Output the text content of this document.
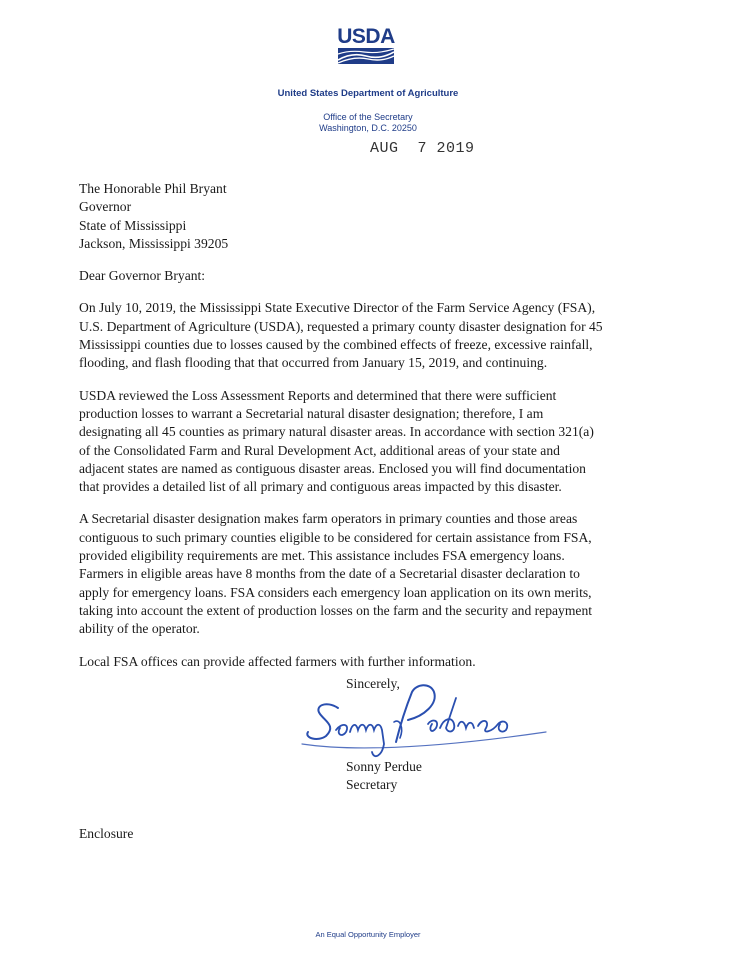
USDA
United States Department of Agriculture
Office of the Secretary
Washington, D.C. 20250
AUG  7 2019
The Honorable Phil Bryant
Governor
State of Mississippi
Jackson, Mississippi 39205
Dear Governor Bryant:
On July 10, 2019, the Mississippi State Executive Director of the Farm Service Agency (FSA),
U.S. Department of Agriculture (USDA), requested a primary county disaster designation for 45
Mississippi counties due to losses caused by the combined effects of freeze, excessive rainfall,
flooding, and flash flooding that that occurred from January 15, 2019, and continuing.
USDA reviewed the Loss Assessment Reports and determined that there were sufficient
production losses to warrant a Secretarial natural disaster designation; therefore, I am
designating all 45 counties as primary natural disaster areas. In accordance with section 321(a)
of the Consolidated Farm and Rural Development Act, additional areas of your state and
adjacent states are named as contiguous disaster areas. Enclosed you will find documentation
that provides a detailed list of all primary and contiguous areas impacted by this disaster.
A Secretarial disaster designation makes farm operators in primary counties and those areas
contiguous to such primary counties eligible to be considered for certain assistance from FSA,
provided eligibility requirements are met. This assistance includes FSA emergency loans.
Farmers in eligible areas have 8 months from the date of a Secretarial disaster declaration to
apply for emergency loans. FSA considers each emergency loan application on its own merits,
taking into account the extent of production losses on the farm and the security and repayment
ability of the operator.
Local FSA offices can provide affected farmers with further information.
Sincerely,
Sonny Perdue
Secretary
Enclosure
An Equal Opportunity Employer
